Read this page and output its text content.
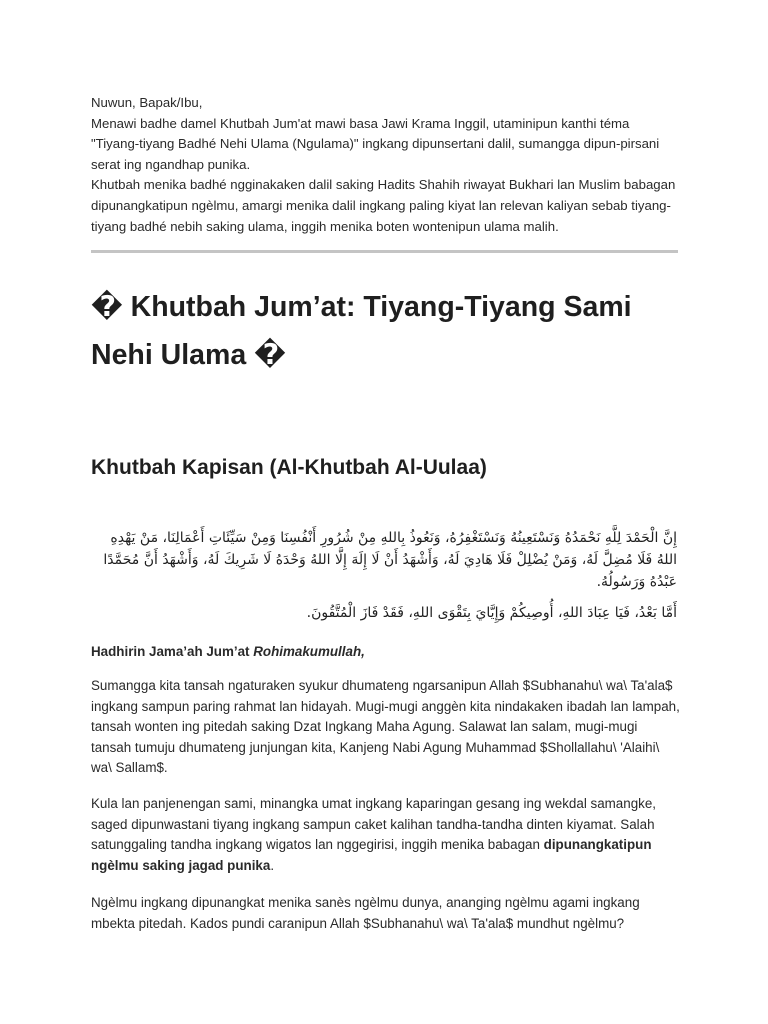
Nuwun, Bapak/Ibu,

Menawi badhe damel Khutbah Jum'at mawi basa Jawi Krama Inggil, utaminipun kanthi téma "Tiyang-tiyang Badhé Nehi Ulama (Ngulama)" ingkang dipunsertani dalil, sumangga dipun-pirsani serat ing ngandhap punika.

Khutbah menika badhé ngginakaken dalil saking Hadits Shahih riwayat Bukhari lan Muslim babagan dipunangkatipun ngèlmu, amargi menika dalil ingkang paling kiyat lan relevan kaliyan sebab tiyang-tiyang badhé nebih saking ulama, inggih menika boten wontenipun ulama malih.

� Khutbah Jum’at: Tiyang-Tiyang Sami Nehi Ulama �
Khutbah Kapisan (Al-Khutbah Al-Uulaa)

إِنَّ الْحَمْدَ لِلَّهِ نَحْمَدُهُ وَنَسْتَعِينُهُ وَنَسْتَغْفِرُهُ، وَنَعُوذُ بِاللهِ مِنْ شُرُورِ أَنْفُسِنَا وَمِنْ سَيِّئَاتِ أَعْمَالِنَا، مَنْ يَهْدِهِ اللهُ فَلَا مُضِلَّ لَهُ، وَمَنْ يُضْلِلْ فَلَا هَادِيَ لَهُ، وَأَشْهَدُ أَنْ لَا إِلَهَ إِلَّا اللهُ وَحْدَهُ لَا شَرِيكَ لَهُ، وَأَشْهَدُ أَنَّ مُحَمَّدًا عَبْدُهُ وَرَسُولُهُ.

أَمَّا بَعْدُ، فَيَا عِبَادَ اللهِ، أُوصِيكُمْ وَإِيَّايَ بِتَقْوَى اللهِ، فَقَدْ فَازَ الْمُتَّقُونَ.

Hadhirin Jama’ah Jum’at Rohimakumullah,

Sumangga kita tansah ngaturaken syukur dhumateng ngarsanipun Allah $Subhanahu\ wa\ Ta'ala$ ingkang sampun paring rahmat lan hidayah. Mugi-mugi anggèn kita nindakaken ibadah lan lampah, tansah wonten ing pitedah saking Dzat Ingkang Maha Agung. Salawat lan salam, mugi-mugi tansah tumuju dhumateng junjungan kita, Kanjeng Nabi Agung Muhammad $Shollallahu\ 'Alaihi\ wa\ Sallam$.

Kula lan panjenengan sami, minangka umat ingkang kaparingan gesang ing wekdal samangke, saged dipunwastani tiyang ingkang sampun caket kalihan tandha-tandha dinten kiyamat. Salah satunggaling tandha ingkang wigatos lan nggegirisi, inggih menika babagan dipunangkatipun ngèlmu saking jagad punika.

Ngèlmu ingkang dipunangkat menika sanès ngèlmu dunya, ananging ngèlmu agami ingkang mbekta pitedah. Kados pundi caranipun Allah $Subhanahu\ wa\ Ta'ala$ mundhut ngèlmu?
